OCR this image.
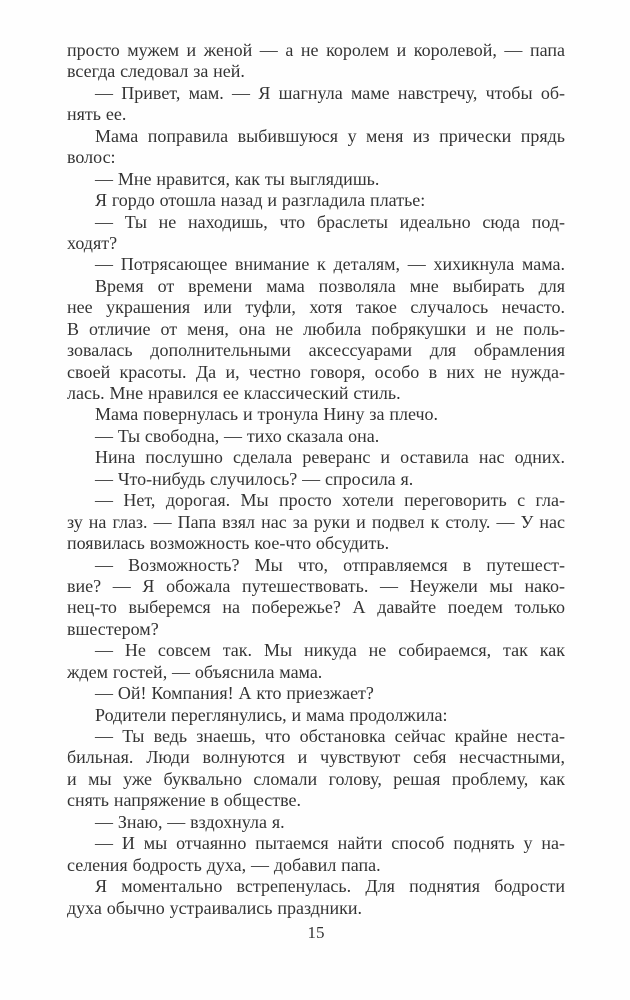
просто мужем и женой — а не королем и королевой, — папа
всегда следовал за ней.
— Привет, мам. — Я шагнула маме навстречу, чтобы об-
нять ее.
Мама поправила выбившуюся у меня из прически прядь
волос:
— Мне нравится, как ты выглядишь.
Я гордо отошла назад и разгладила платье:
— Ты не находишь, что браслеты идеально сюда под-
ходят?
— Потрясающее внимание к деталям, — хихикнула мама.
Время от времени мама позволяла мне выбирать для
нее украшения или туфли, хотя такое случалось нечасто.
В отличие от меня, она не любила побрякушки и не поль-
зовалась дополнительными аксессуарами для обрамления
своей красоты. Да и, честно говоря, особо в них не нужда-
лась. Мне нравился ее классический стиль.
Мама повернулась и тронула Нину за плечо.
— Ты свободна, — тихо сказала она.
Нина послушно сделала реверанс и оставила нас одних.
— Что-нибудь случилось? — спросила я.
— Нет, дорогая. Мы просто хотели переговорить с гла-
зу на глаз. — Папа взял нас за руки и подвел к столу. — У нас
появилась возможность кое-что обсудить.
— Возможность? Мы что, отправляемся в путешест-
вие? — Я обожала путешествовать. — Неужели мы нако-
нец-то выберемся на побережье? А давайте поедем только
вшестером?
— Не совсем так. Мы никуда не собираемся, так как
ждем гостей, — объяснила мама.
— Ой! Компания! А кто приезжает?
Родители переглянулись, и мама продолжила:
— Ты ведь знаешь, что обстановка сейчас крайне неста-
бильная. Люди волнуются и чувствуют себя несчастными,
и мы уже буквально сломали голову, решая проблему, как
снять напряжение в обществе.
— Знаю, — вздохнула я.
— И мы отчаянно пытаемся найти способ поднять у на-
селения бодрость духа, — добавил папа.
Я моментально встрепенулась. Для поднятия бодрости
духа обычно устраивались праздники.
15
